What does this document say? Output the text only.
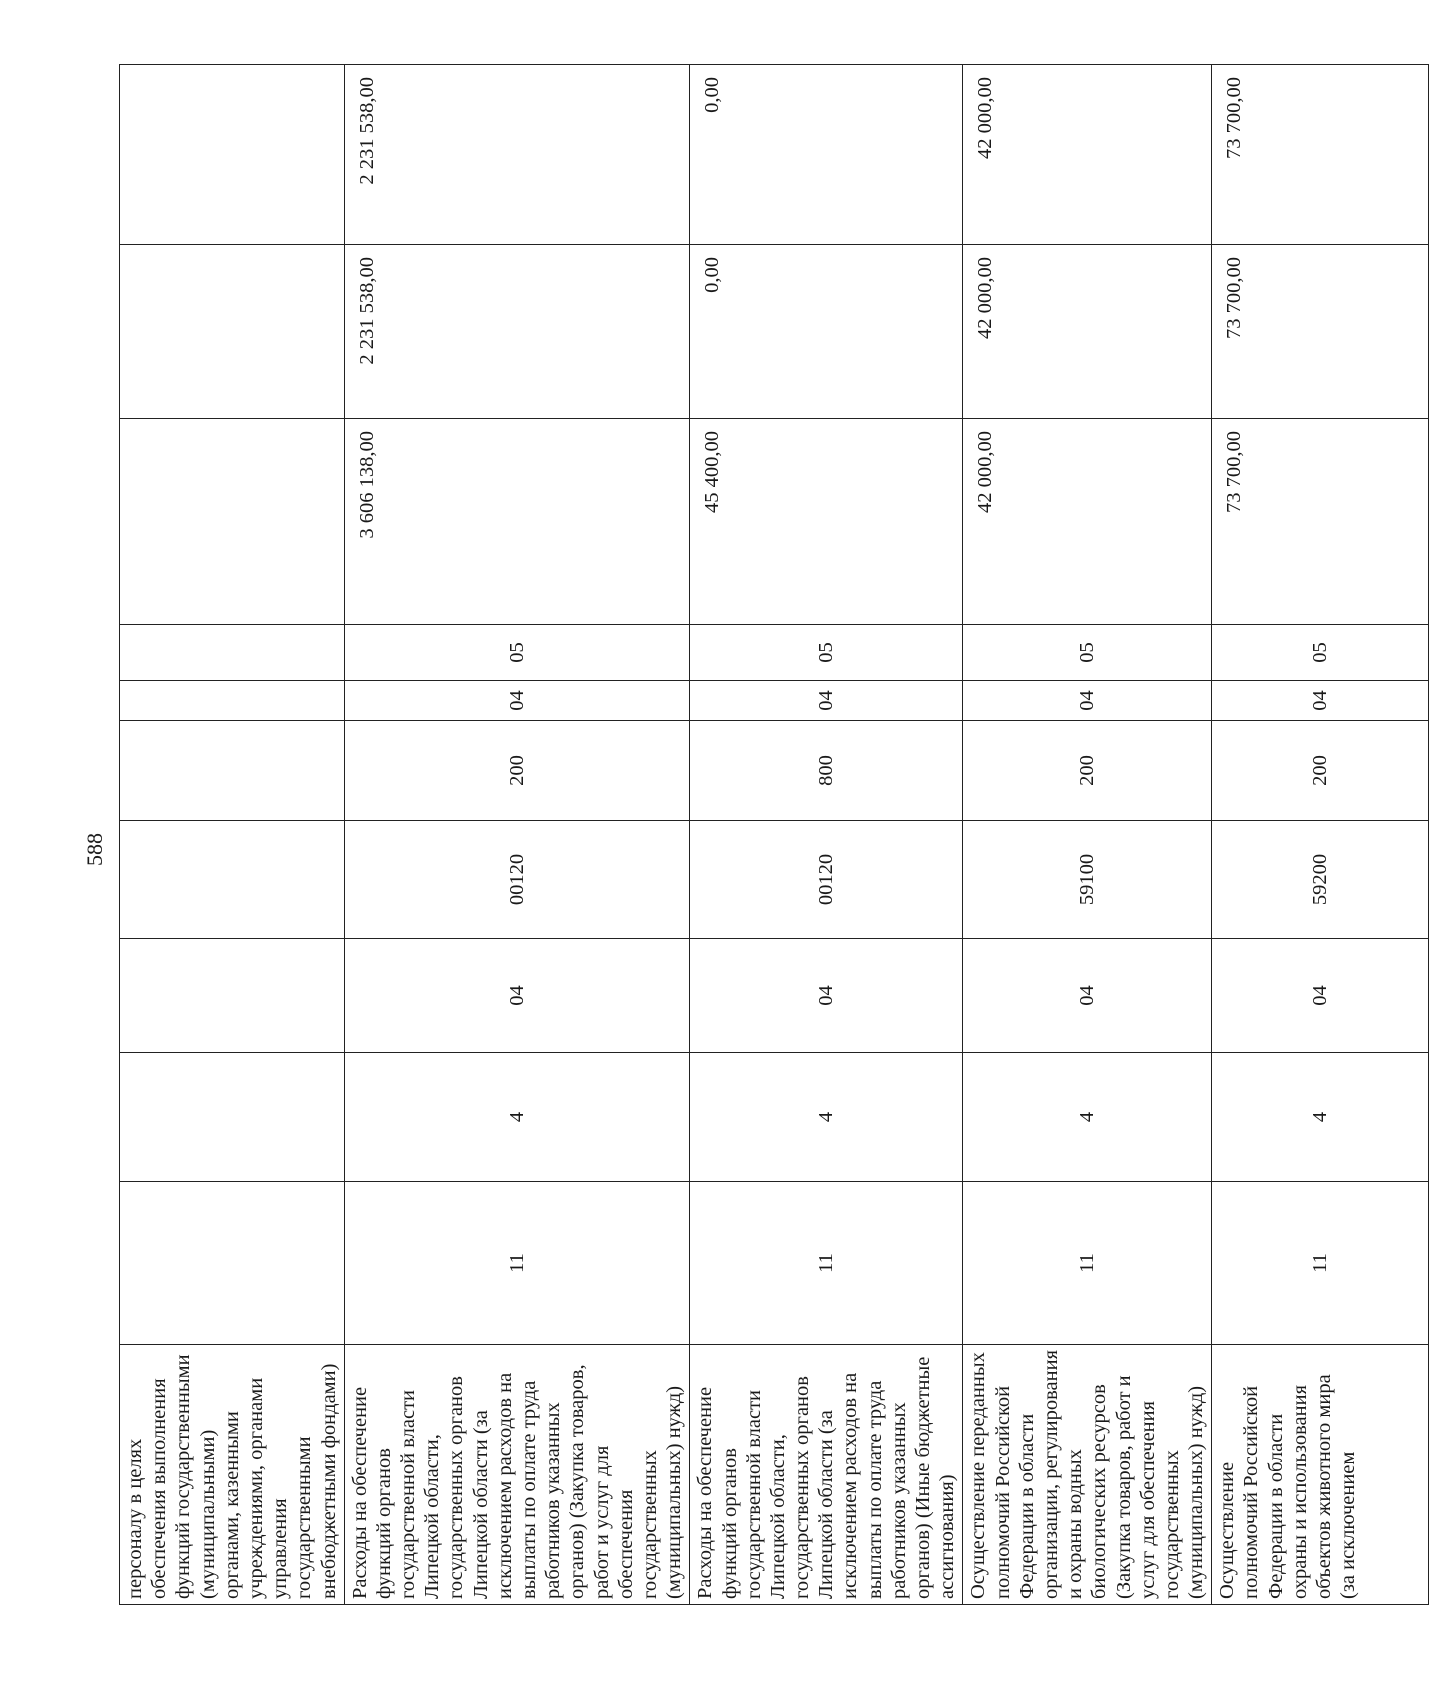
588
персоналу в целях обеспечения выполнения функций государственными (муниципальными) органами, казенными учреждениями, органами управления государственными внебюджетными фондами)										
Расходы на обеспечение функций органов государственной власти Липецкой области, государственных органов Липецкой области (за исключением расходов на выплаты по оплате труда работников указанных органов) (Закупка товаров, работ и услуг для обеспечения государственных (муниципальных) нужд)	11	4	04	00120	200	04	05	3 606 138,00	2 231 538,00	2 231 538,00
Расходы на обеспечение функций органов государственной власти Липецкой области, государственных органов Липецкой области (за исключением расходов на выплаты по оплате труда работников указанных органов) (Иные бюджетные ассигнования)	11	4	04	00120	800	04	05	45 400,00	0,00	0,00
Осуществление переданных полномочий Российской Федерации в области организации, регулирования и охраны водных биологических ресурсов (Закупка товаров, работ и услуг для обеспечения государственных (муниципальных) нужд)	11	4	04	59100	200	04	05	42 000,00	42 000,00	42 000,00
Осуществление полномочий Российской Федерации в области охраны и использования объектов животного мира (за исключением	11	4	04	59200	200	04	05	73 700,00	73 700,00	73 700,00
